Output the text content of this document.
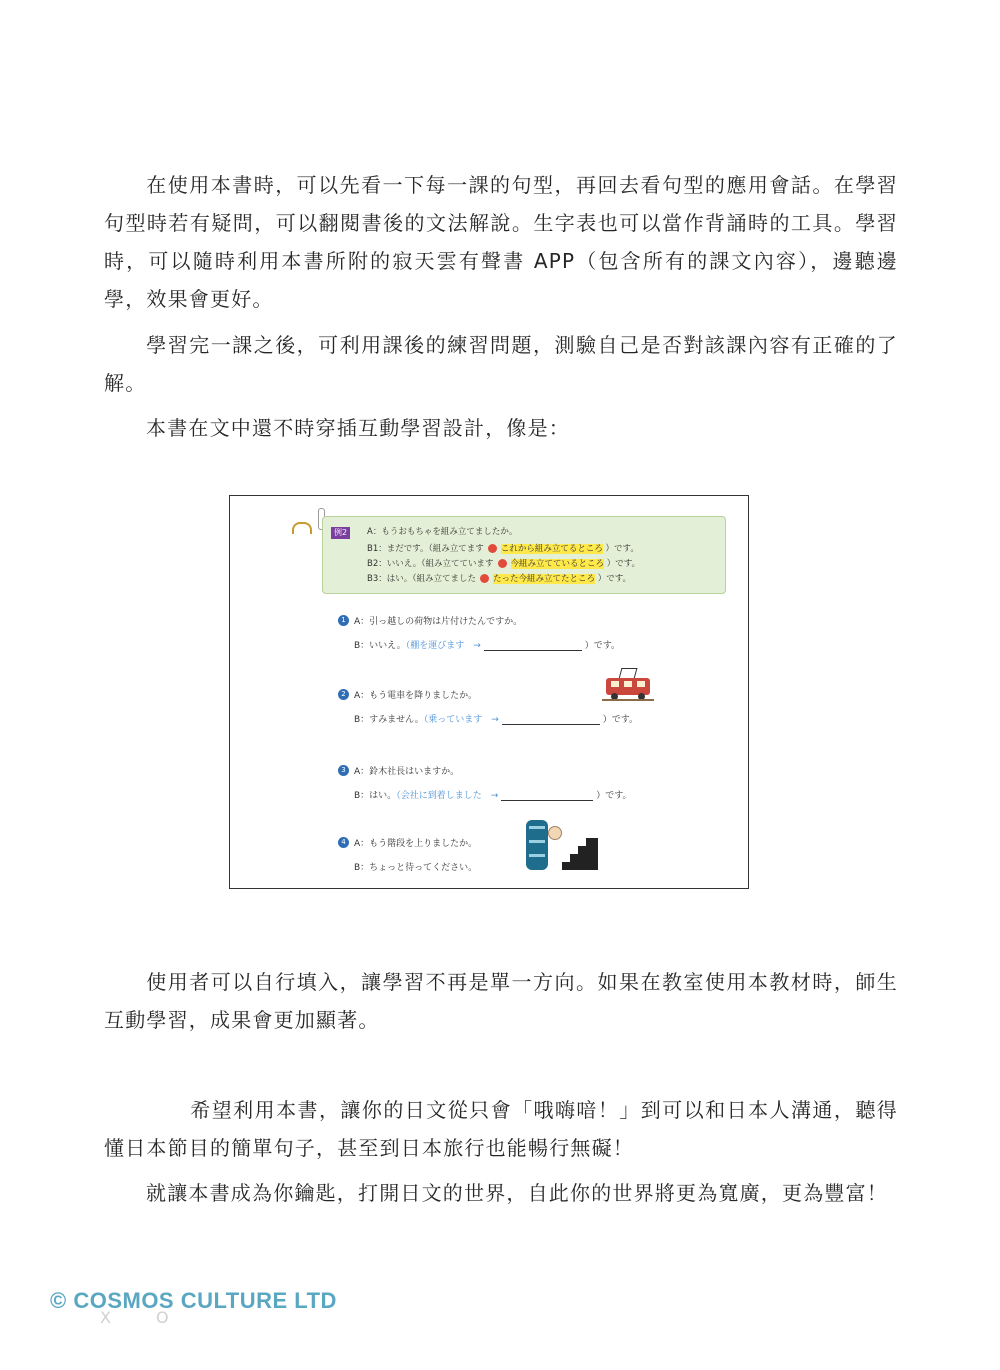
在使用本書時，可以先看一下每一課的句型，再回去看句型的應用會話。在學習句型時若有疑問，可以翻閱書後的文法解說。生字表也可以當作背誦時的工具。學習時，可以隨時利用本書所附的寂天雲有聲書 APP（包含所有的課文內容），邊聽邊學，效果會更好。

學習完一課之後，可利用課後的練習問題，測驗自己是否對該課內容有正確的了解。

本書在文中還不時穿插互動學習設計，像是：

例2	A：もうおもちゃを組み立てましたか。
B1：まだです。（組み立てます これから組み立てるところ ）です。
B2：いいえ。（組み立てています 今組み立てているところ ）です。
B3：はい。（組み立てました たった今組み立てたところ ）です。
1 A：引っ越しの荷物は片付けたんですか。
B：いいえ。（棚を運びます　→	）です。
2 A：もう電車を降りましたか。
B：すみません。（乗っています　→	）です。
3 A：鈴木社長はいますか。
B：はい。（会社に到着しました　→	）です。
4 A：もう階段を上りましたか。
B：ちょっと待ってください。

使用者可以自行填入，讓學習不再是單一方向。如果在教室使用本教材時，師生互動學習，成果會更加顯著。

希望利用本書，讓你的日文從只會「哦嗨喑！」到可以和日本人溝通，聽得懂日本節目的簡單句子，甚至到日本旅行也能暢行無礙！

就讓本書成為你鑰匙，打開日文的世界，自此你的世界將更為寬廣，更為豐富！

X O
© COSMOS CULTURE LTD
